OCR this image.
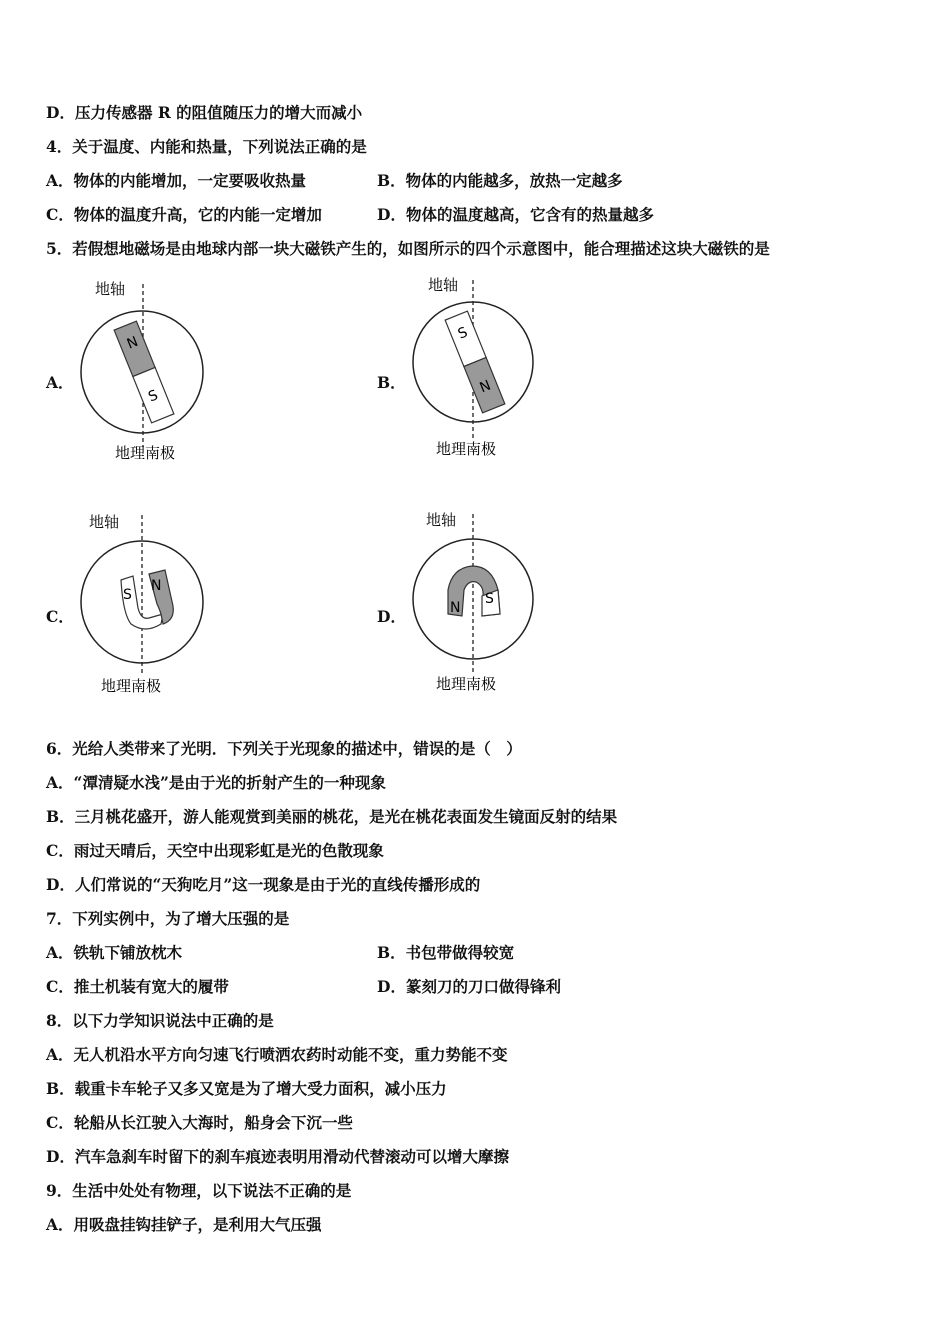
D．压力传感器 R 的阻值随压力的增大而减小
4．关于温度、内能和热量，下列说法正确的是
A．物体的内能增加，一定要吸收热量	B．物体的内能越多，放热一定越多
C．物体的温度升高，它的内能一定增加	D．物体的温度越高，它含有的热量越多
5．若假想地磁场是由地球内部一块大磁铁产生的，如图所示的四个示意图中，能合理描述这块大磁铁的是
A．
地轴
N
S
地理南极
B．
地轴
S
N
地理南极
C．
地轴
S
N
地理南极
D．
地轴
N
S
地理南极
6．光给人类带来了光明．下列关于光现象的描述中，错误的是（　）
A．“潭清疑水浅”是由于光的折射产生的一种现象
B．三月桃花盛开，游人能观赏到美丽的桃花，是光在桃花表面发生镜面反射的结果
C．雨过天晴后，天空中出现彩虹是光的色散现象
D．人们常说的“天狗吃月”这一现象是由于光的直线传播形成的
7．下列实例中，为了增大压强的是
A．铁轨下铺放枕木	B．书包带做得较宽
C．推土机装有宽大的履带	D．篆刻刀的刀口做得锋利
8．以下力学知识说法中正确的是
A．无人机沿水平方向匀速飞行喷洒农药时动能不变，重力势能不变
B．载重卡车轮子又多又宽是为了增大受力面积，减小压力
C．轮船从长江驶入大海时，船身会下沉一些
D．汽车急刹车时留下的刹车痕迹表明用滑动代替滚动可以增大摩擦
9．生活中处处有物理，以下说法不正确的是
A．用吸盘挂钩挂铲子，是利用大气压强
